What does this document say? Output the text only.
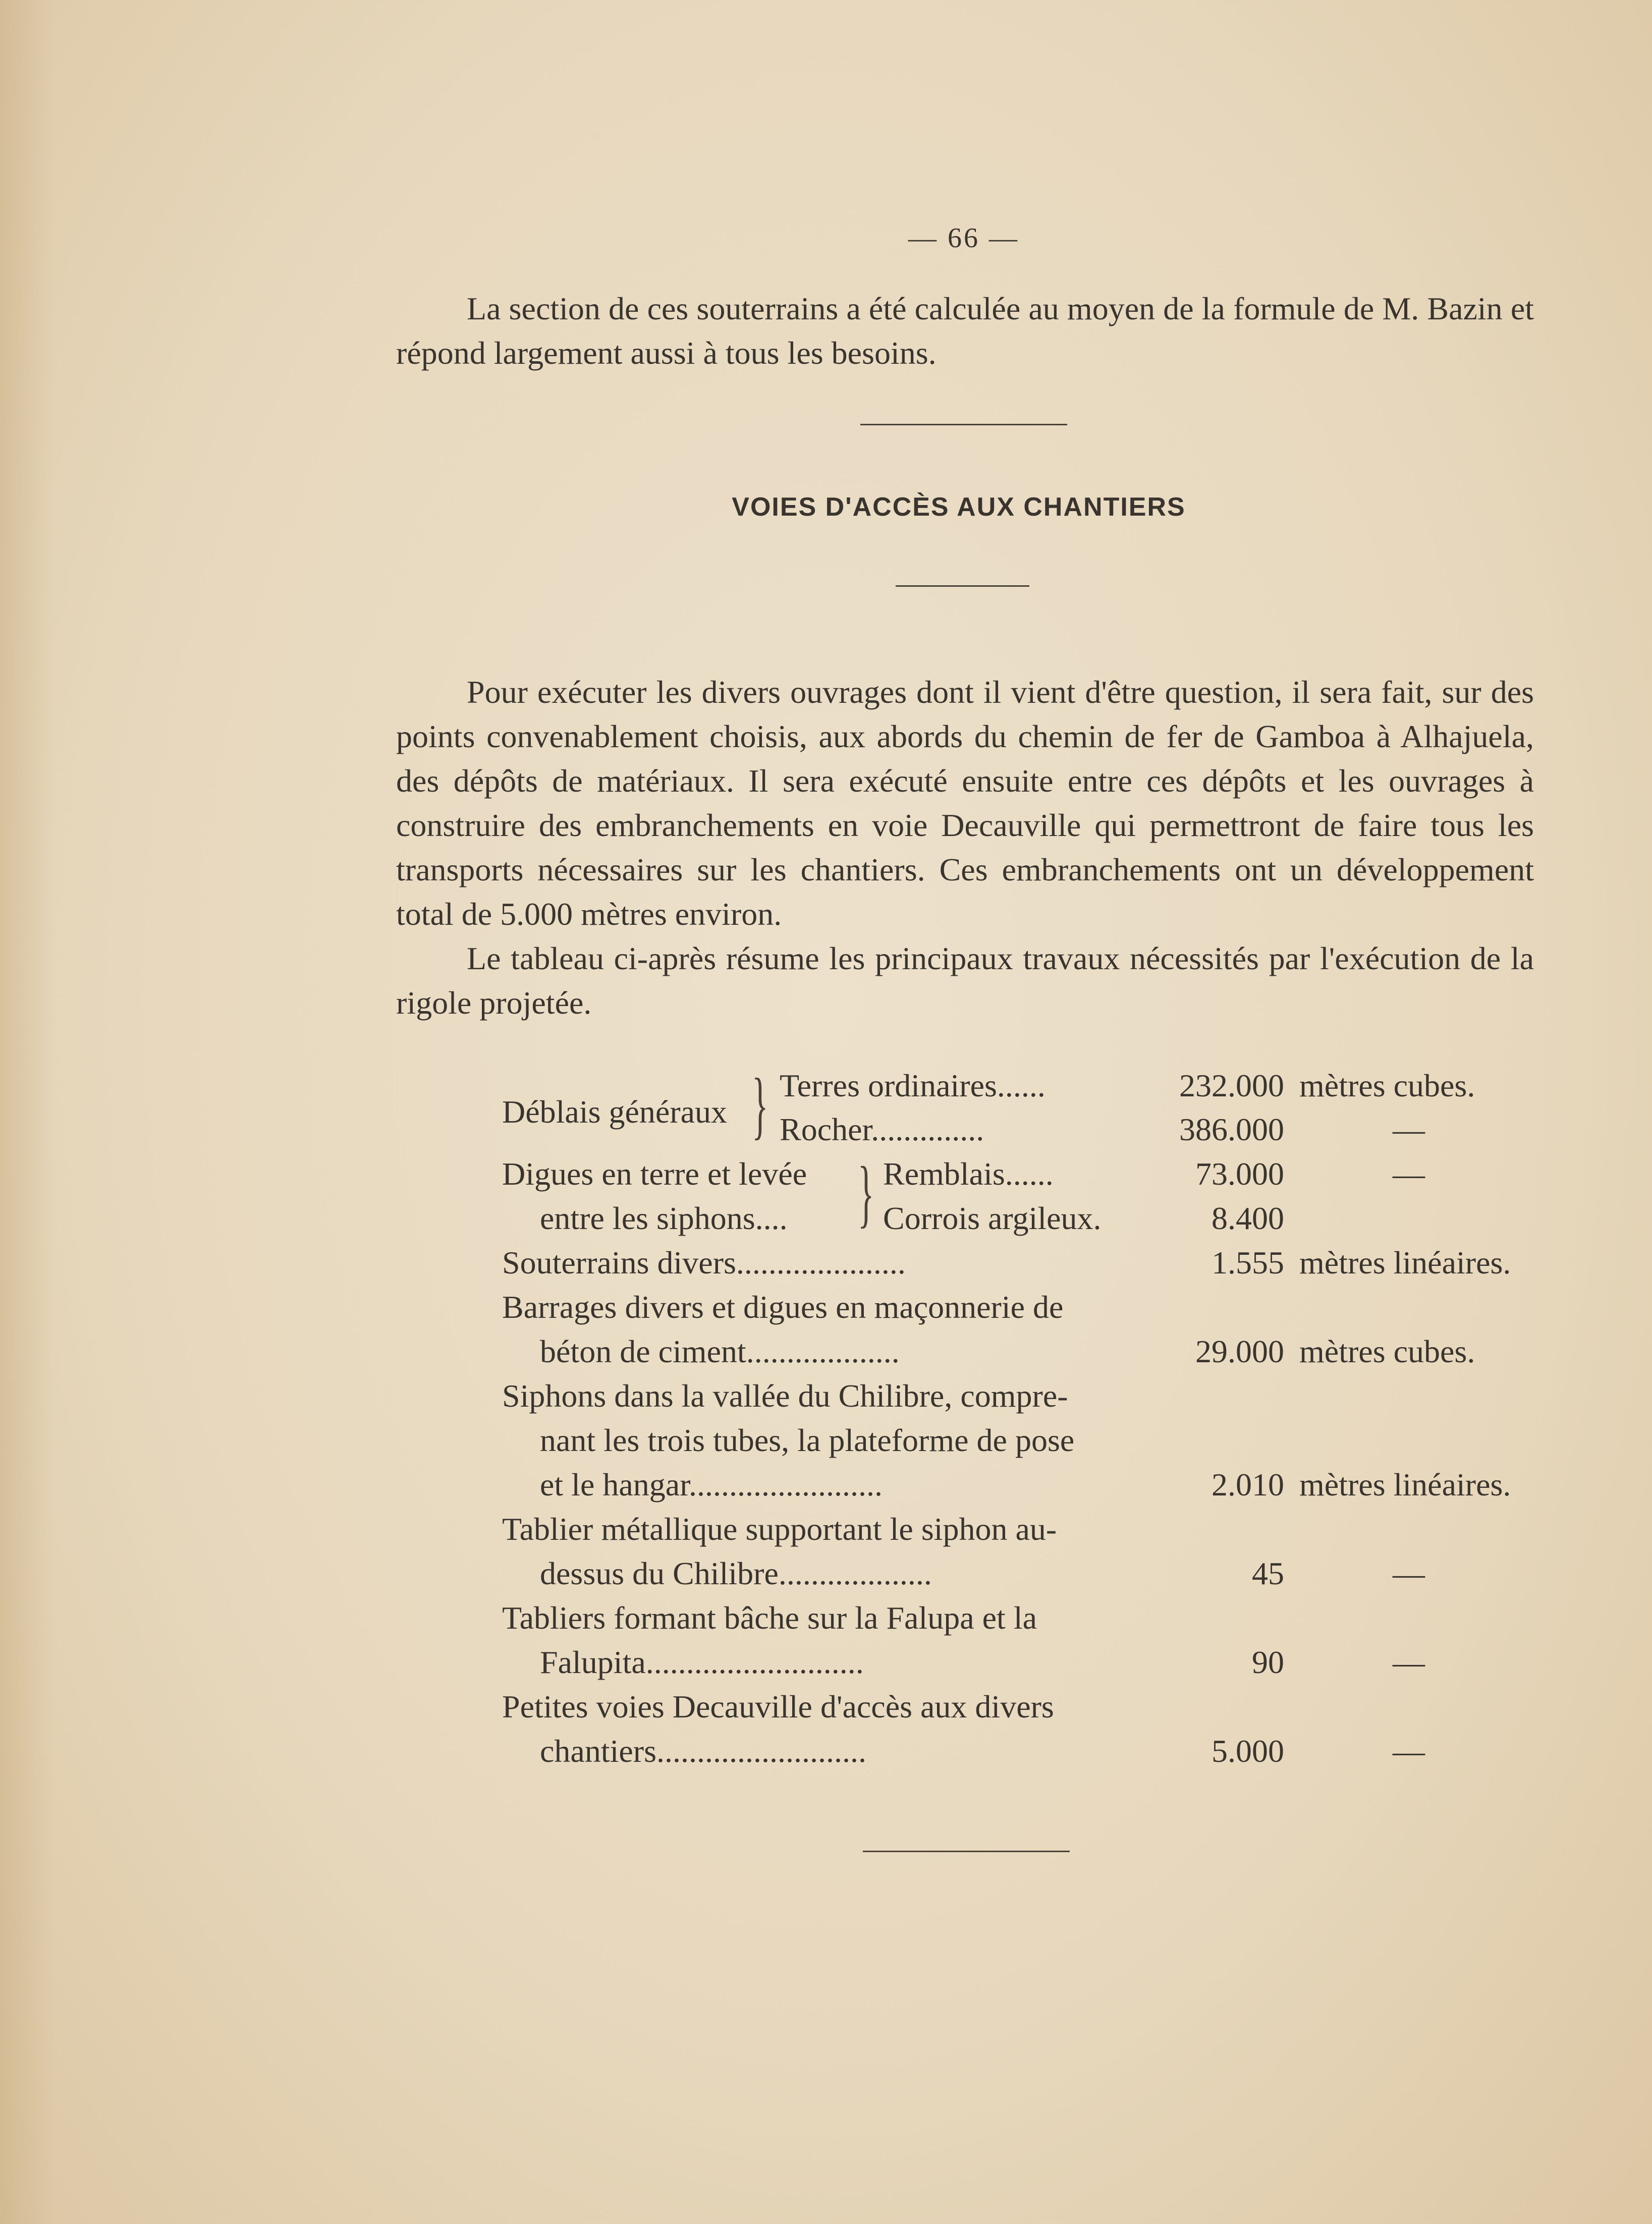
— 66 —
La section de ces souterrains a été calculée au moyen de la formule de M. Bazin et répond largement aussi à tous les besoins.
VOIES D'ACCÈS AUX CHANTIERS
Pour exécuter les divers ouvrages dont il vient d'être question, il sera fait, sur des points convenablement choisis, aux abords du chemin de fer de Gamboa à Alhajuela, des dépôts de matériaux. Il sera exécuté ensuite entre ces dépôts et les ouvrages à construire des embranchements en voie Decauville qui permettront de faire tous les transports nécessaires sur les chantiers. Ces embranchements ont un développement total de 5.000 mètres environ.
Le tableau ci-après résume les principaux travaux nécessités par l'exécution de la rigole projetée.
Déblais généraux } Terres ordinaires......	232.000 mètres cubes.
Rocher..............	386.000	—
Digues en terre et levée
entre les siphons.... } Remblais......	73.000	—
Corrois argileux.	8.400
Souterrains divers.....................	1.555 mètres linéaires.
Barrages divers et digues en maçonnerie de
béton de ciment...................	29.000 mètres cubes.
Siphons dans la vallée du Chilibre, compre-
nant les trois tubes, la plateforme de pose
et le hangar........................	2.010 mètres linéaires.
Tablier métallique supportant le siphon au-
dessus du Chilibre...................	45	—
Tabliers formant bâche sur la Falupa et la
Falupita...........................	90	—
Petites voies Decauville d'accès aux divers
chantiers..........................	5.000	—
